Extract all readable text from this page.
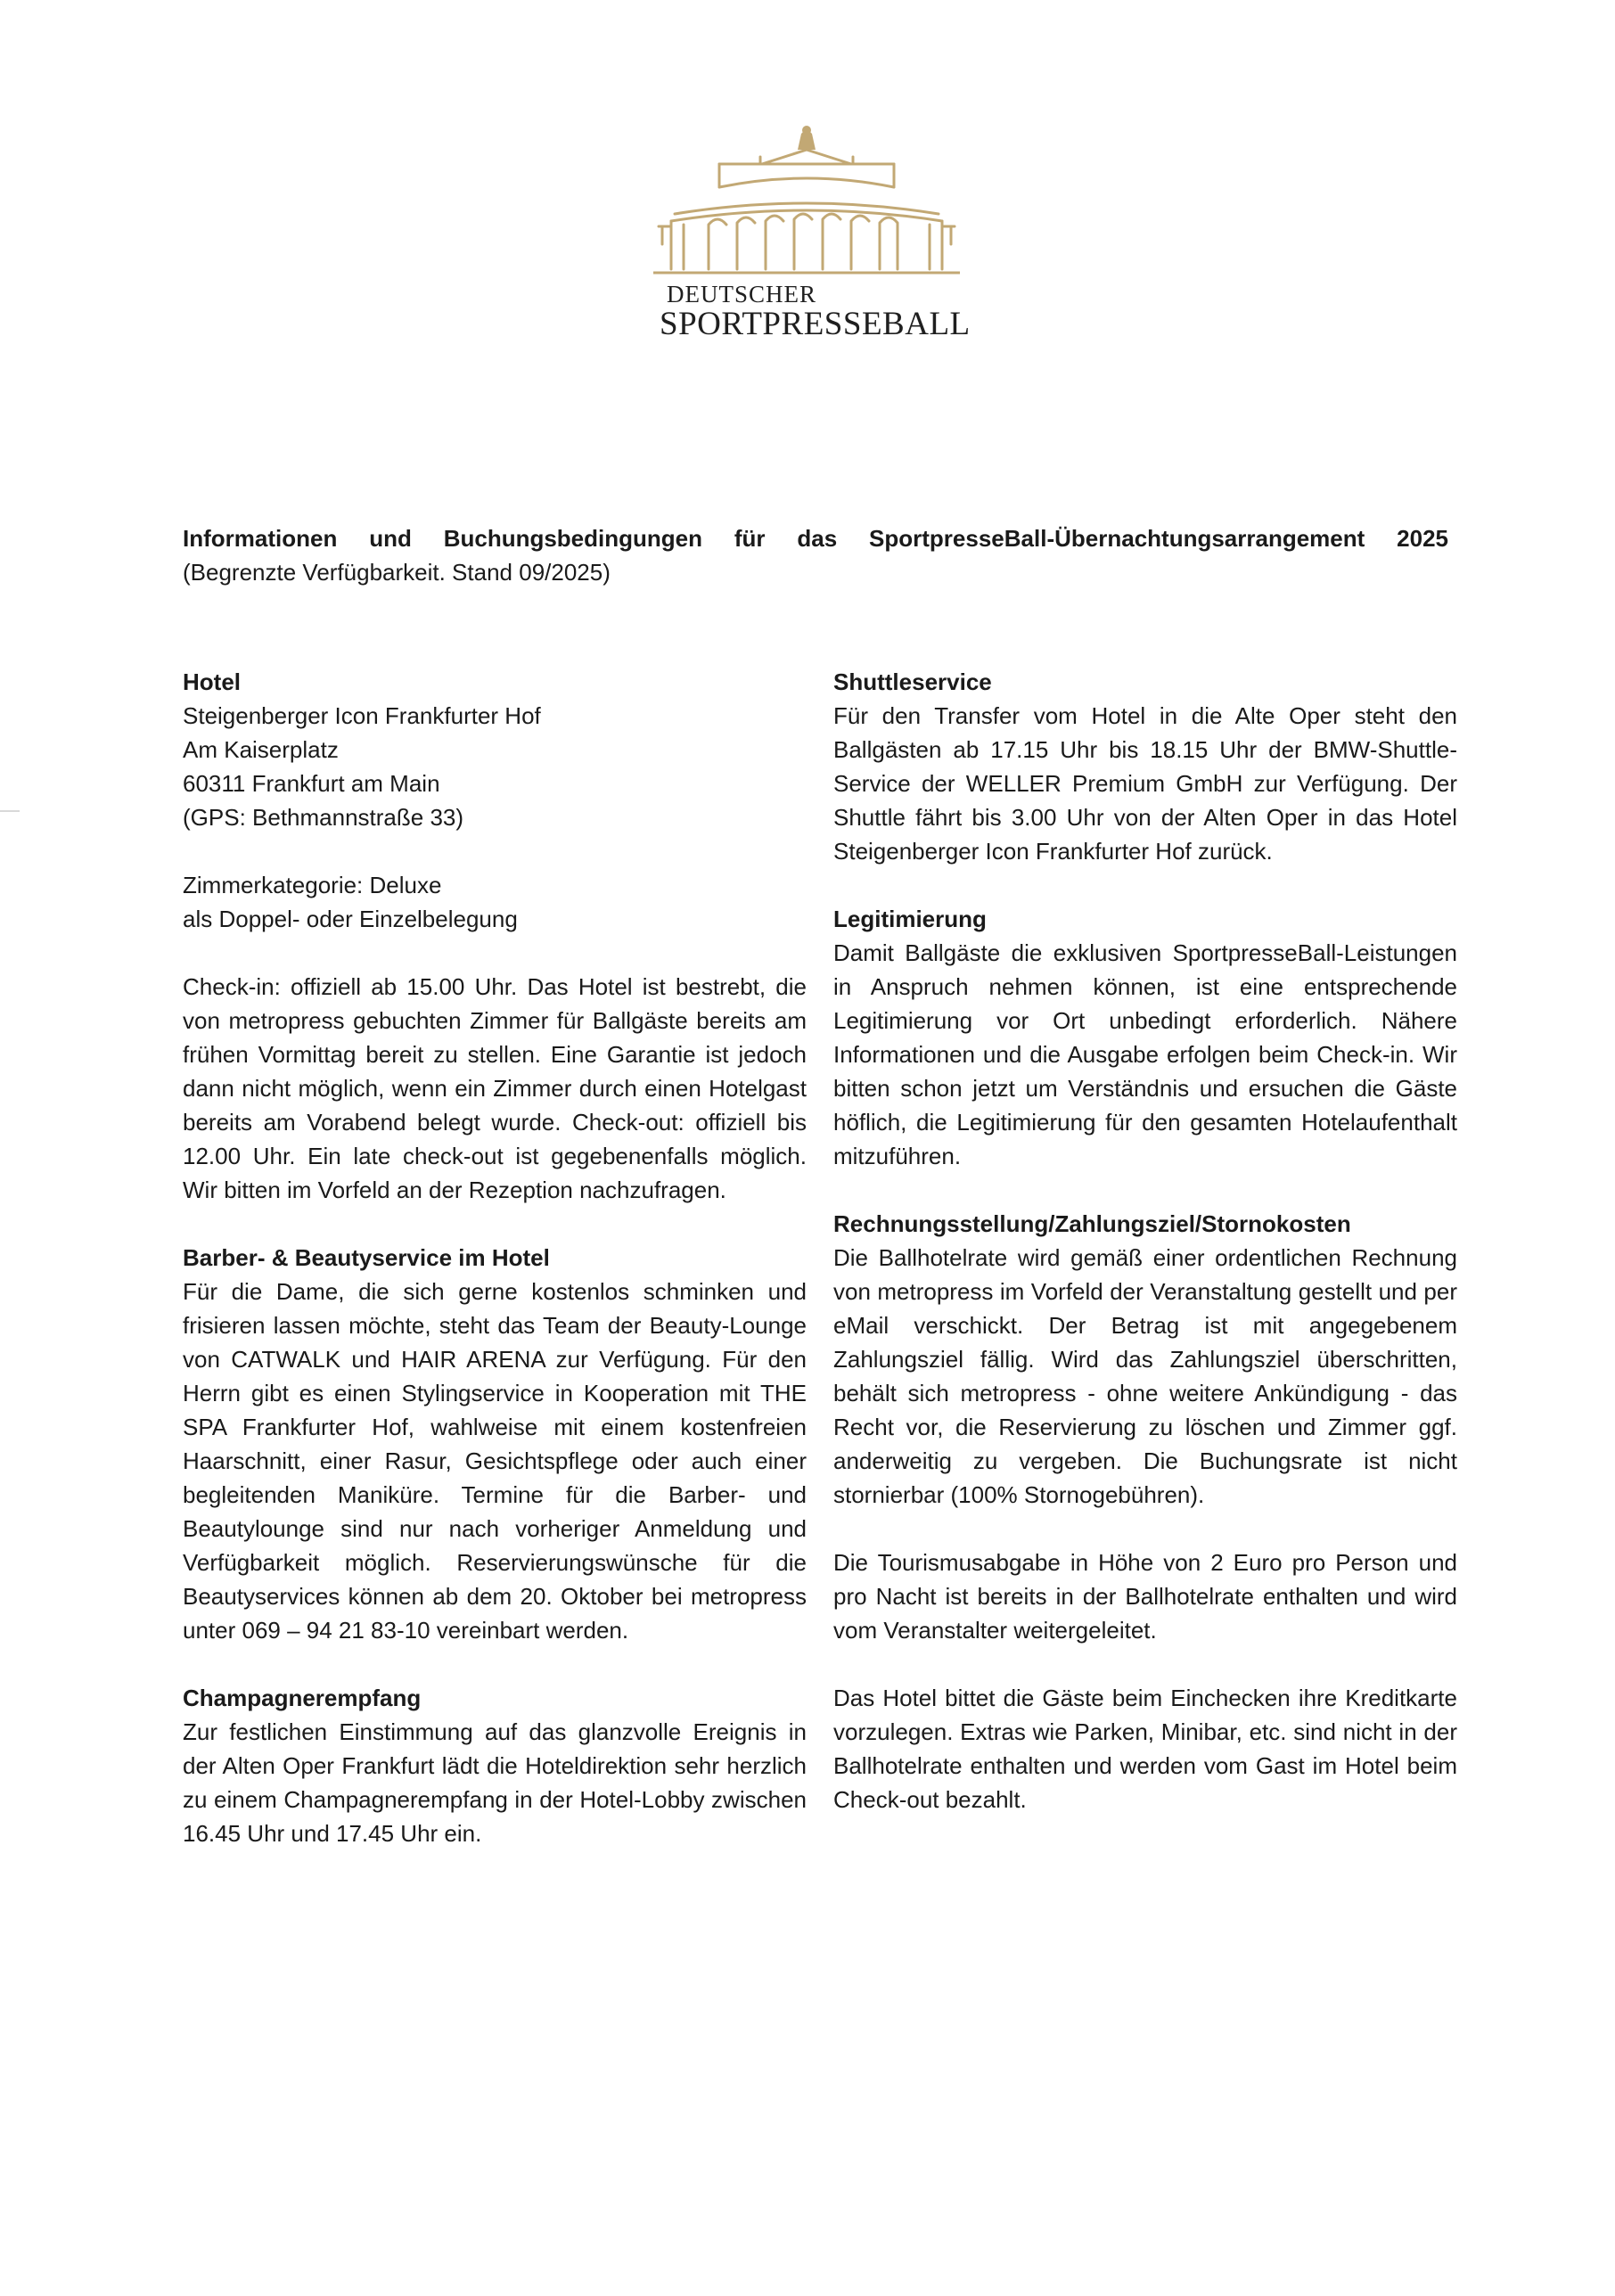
DEUTSCHER
SPORTPRESSEBALL

Informationen und Buchungsbedingungen für das SportpresseBall-Übernachtungsarrangement 2025

(Begrenzte Verfügbarkeit. Stand 09/2025)

Hotel
Steigenberger Icon Frankfurter Hof
Am Kaiserplatz
60311 Frankfurt am Main
(GPS: Bethmannstraße 33)
Zimmerkategorie: Deluxe
als Doppel- oder Einzelbelegung

Check-in: offiziell ab 15.00 Uhr. Das Hotel ist bestrebt, die von metropress gebuchten Zimmer für Ballgäste bereits am frühen Vormittag bereit zu stellen. Eine Garantie ist jedoch dann nicht möglich, wenn ein Zimmer durch einen Hotelgast bereits am Vorabend belegt wurde. Check-out: offiziell bis 12.00 Uhr. Ein late check-out ist gegebenenfalls möglich. Wir bitten im Vorfeld an der Rezeption nachzufragen.

Barber- & Beautyservice im Hotel

Für die Dame, die sich gerne kostenlos schminken und frisieren lassen möchte, steht das Team der Beauty-Lounge von CATWALK und HAIR ARENA zur Verfügung. Für den Herrn gibt es einen Stylingservice in Kooperation mit THE SPA Frankfurter Hof, wahlweise mit einem kostenfreien Haarschnitt, einer Rasur, Gesichtspflege oder auch einer begleitenden Maniküre. Termine für die Barber- und Beautylounge sind nur nach vorheriger Anmeldung und Verfügbarkeit möglich. Reservierungswünsche für die Beautyservices können ab dem 20. Oktober bei metropress unter 069 – 94 21 83-10 vereinbart werden.

Champagnerempfang

Zur festlichen Einstimmung auf das glanzvolle Ereignis in der Alten Oper Frankfurt lädt die Hoteldirektion sehr herzlich zu einem Champagnerempfang in der Hotel-Lobby zwischen 16.45 Uhr und 17.45 Uhr ein.

Shuttleservice

Für den Transfer vom Hotel in die Alte Oper steht den Ballgästen ab 17.15 Uhr bis 18.15 Uhr der BMW-Shuttle-Service der WELLER Premium GmbH zur Verfügung. Der Shuttle fährt bis 3.00 Uhr von der Alten Oper in das Hotel Steigenberger Icon Frankfurter Hof zurück.

Legitimierung

Damit Ballgäste die exklusiven SportpresseBall-Leistungen in Anspruch nehmen können, ist eine entsprechende Legitimierung vor Ort unbedingt erforderlich. Nähere Informationen und die Ausgabe erfolgen beim Check-in. Wir bitten schon jetzt um Verständnis und ersuchen die Gäste höflich, die Legitimierung für den gesamten Hotelaufenthalt mitzuführen.

Rechnungsstellung/Zahlungsziel/Stornokosten

Die Ballhotelrate wird gemäß einer ordentlichen Rechnung von metropress im Vorfeld der Veranstaltung gestellt und per eMail verschickt. Der Betrag ist mit angegebenem Zahlungsziel fällig. Wird das Zahlungsziel überschritten, behält sich metropress - ohne weitere Ankündigung - das Recht vor, die Reservierung zu löschen und Zimmer ggf. anderweitig zu vergeben. Die Buchungsrate ist nicht stornierbar (100% Stornogebühren).

Die Tourismusabgabe in Höhe von 2 Euro pro Person und pro Nacht ist bereits in der Ballhotelrate enthalten und wird vom Veranstalter weitergeleitet.

Das Hotel bittet die Gäste beim Einchecken ihre Kreditkarte vorzulegen. Extras wie Parken, Minibar, etc. sind nicht in der Ballhotelrate enthalten und werden vom Gast im Hotel beim Check-out bezahlt.
